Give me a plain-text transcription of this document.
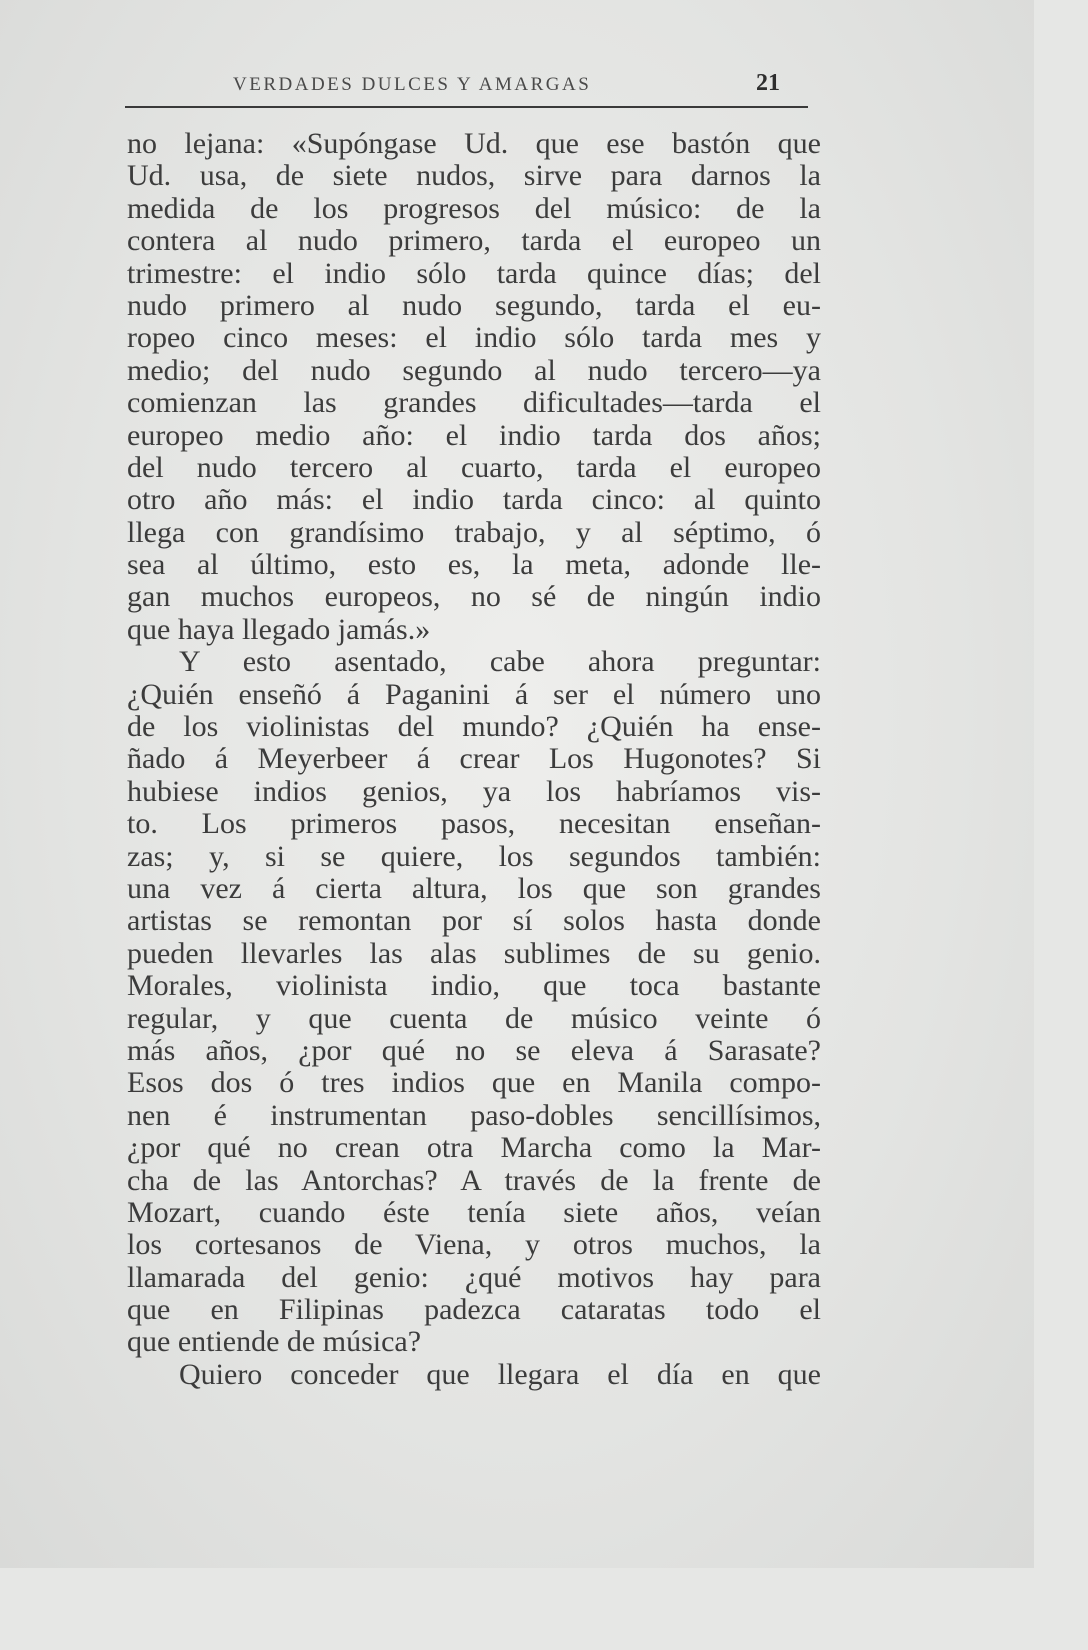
VERDADES DULCES Y AMARGAS	21
no lejana: «Supóngase Ud. que ese bastón que
Ud. usa, de siete nudos, sirve para darnos la
medida de los progresos del músico: de la
contera al nudo primero, tarda el europeo un
trimestre: el indio sólo tarda quince días; del
nudo primero al nudo segundo, tarda el eu-
ropeo cinco meses: el indio sólo tarda mes y
medio; del nudo segundo al nudo tercero—ya
comienzan las grandes dificultades—tarda el
europeo medio año: el indio tarda dos años;
del nudo tercero al cuarto, tarda el europeo
otro año más: el indio tarda cinco: al quinto
llega con grandísimo trabajo, y al séptimo, ó
sea al último, esto es, la meta, adonde lle-
gan muchos europeos, no sé de ningún indio
que haya llegado jamás.»
Y esto asentado, cabe ahora preguntar:
¿Quién enseñó á Paganini á ser el número uno
de los violinistas del mundo? ¿Quién ha ense-
ñado á Meyerbeer á crear Los Hugonotes? Si
hubiese indios genios, ya los habríamos vis-
to. Los primeros pasos, necesitan enseñan-
zas; y, si se quiere, los segundos también:
una vez á cierta altura, los que son grandes
artistas se remontan por sí solos hasta donde
pueden llevarles las alas sublimes de su genio.
Morales, violinista indio, que toca bastante
regular, y que cuenta de músico veinte ó
más años, ¿por qué no se eleva á Sarasate?
Esos dos ó tres indios que en Manila compo-
nen é instrumentan paso-dobles sencillísimos,
¿por qué no crean otra Marcha como la Mar-
cha de las Antorchas? A través de la frente de
Mozart, cuando éste tenía siete años, veían
los cortesanos de Viena, y otros muchos, la
llamarada del genio: ¿qué motivos hay para
que en Filipinas padezca cataratas todo el
que entiende de música?
Quiero conceder que llegara el día en que
